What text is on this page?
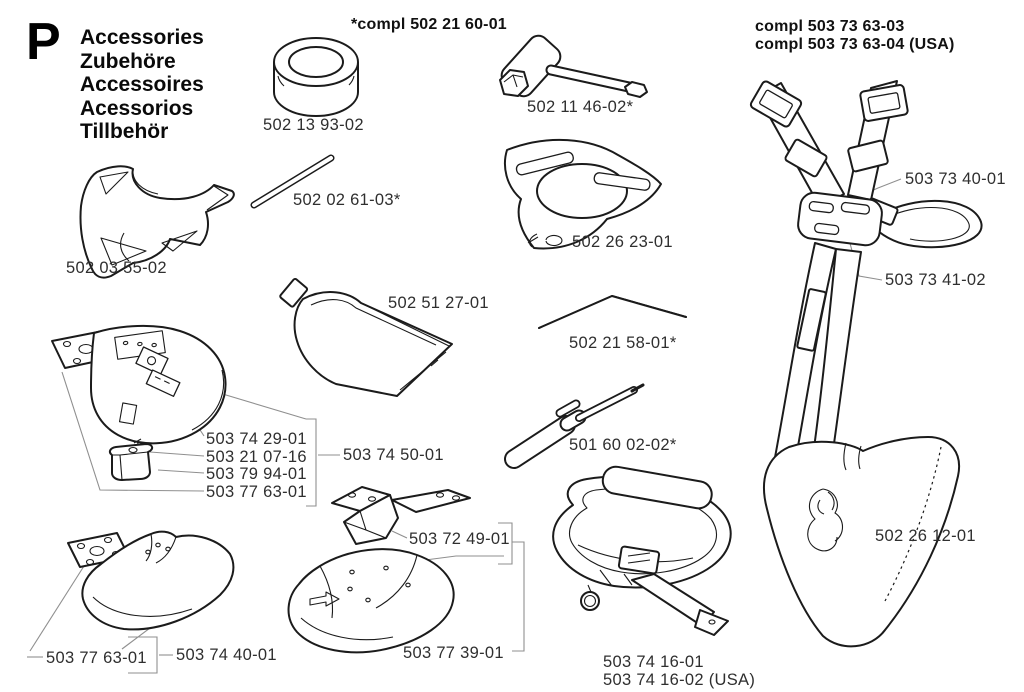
P Accessories
Zubehöre
Accessoires
Acessorios
Tillbehör
*compl 502 21 60-01	compl 503 73 63-03
compl 503 73 63-04 (USA)
502 13 93-02
502 11 46-02*
502 02 61-03*
502 26 23-01
502 03 55-02
502 51 27-01
502 21 58-01*
501 60 02-02*
503 73 40-01
503 73 41-02
503 74 29-01
503 21 07-16
503 79 94-01
503 77 63-01
503 74 50-01
503 72 49-01
503 77 63-01 503 74 40-01	503 77 39-01	503 74 16-01
503 74 16-02 (USA)
502 26 12-01
